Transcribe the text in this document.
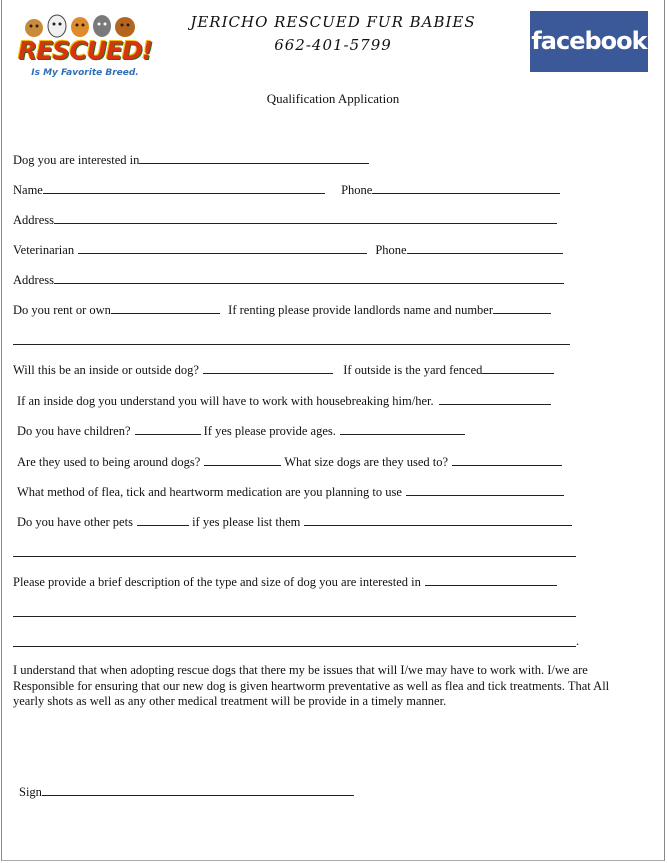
RESCUED!
Is My Favorite Breed.
JERICHO RESCUED FUR BABIES
662-401-5799	facebook
Qualification Application
Dog you are interested in
Name	Phone
Address
Veterinarian	Phone
Address
Do you rent or own	If renting please provide landlords name and number
Will this be an inside or outside dog?	If outside is the yard fenced
If an inside dog you understand you will have to work with housebreaking him/her.
Do you have children?	If yes please provide ages.
Are they used to being around dogs?	What size dogs are they used to?
What method of flea, tick and heartworm medication are you planning to use
Do you have other pets	if yes please list them
Please provide a brief description of the type and size of dog you are interested in
.
I understand that when adopting rescue dogs that there my be issues that will I/we may have to work with. I/we are Responsible for ensuring that our new dog is given heartworm preventative as well as flea and tick treatments. That All yearly shots as well as any other medical treatment will be provide in a timely manner.
Sign
